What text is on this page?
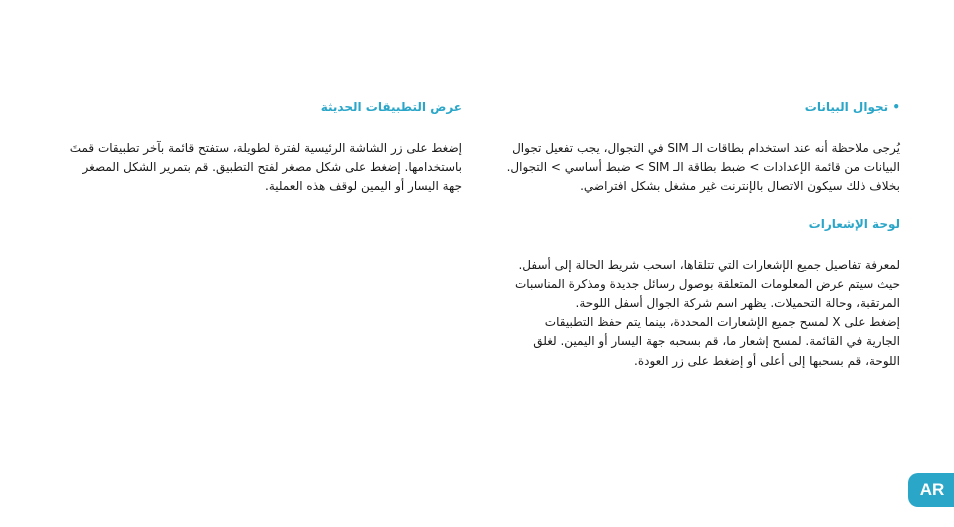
• تجوال البيانات

يُرجى ملاحظة أنه عند استخدام بطاقات الـ SIM في التجوال، يجب تفعيل تجوال
البيانات من قائمة الإعدادات > ضبط بطاقة الـ SIM > ضبط أساسي > التجوال.
بخلاف ذلك سيكون الاتصال بالإنترنت غير مشغل بشكل افتراضي.

لوحة الإشعارات

لمعرفة تفاصيل جميع الإشعارات التي تتلقاها، اسحب شريط الحالة إلى أسفل.
حيث سيتم عرض المعلومات المتعلقة بوصول رسائل جديدة ومذكرة المناسبات
المرتقبة، وحالة التحميلات. يظهر اسم شركة الجوال أسفل اللوحة.
إضغط على X لمسح جميع الإشعارات المحددة، بينما يتم حفظ التطبيقات
الجارية في القائمة. لمسح إشعار ما، قم بسحبه جهة اليسار أو اليمين. لغلق
اللوحة، قم بسحبها إلى أعلى أو إضغط على زر العودة.

عرض التطبيقات الحديثة

إضغط على زر الشاشة الرئيسية لفترة لطويلة، ستفتح قائمة بآخر تطبيقات قمتَ
باستخدامها. إضغط على شكل مصغر لفتح التطبيق. قم بتمرير الشكل المصغر
جهة اليسار أو اليمين لوقف هذه العملية.

AR
